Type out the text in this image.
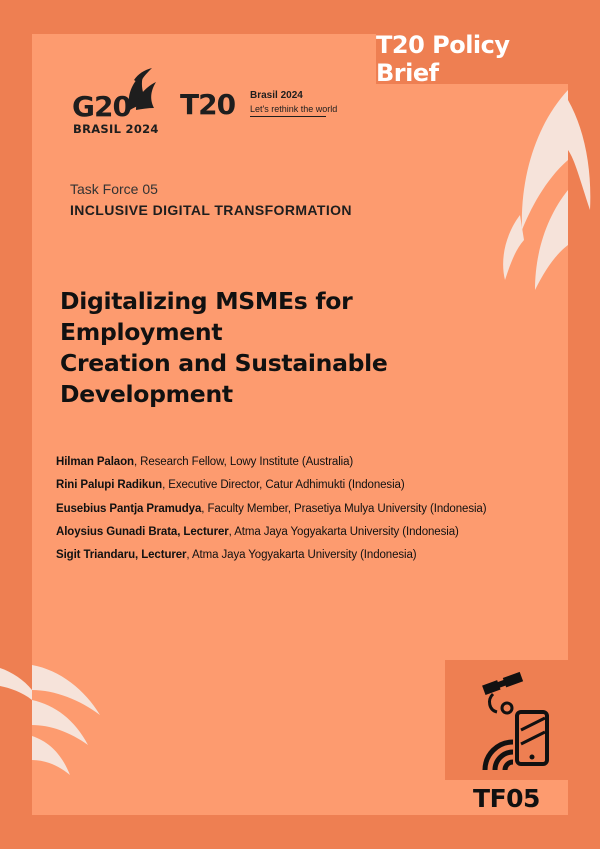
T20 Policy Brief
G20
BRASIL 2024
T20 Brasil 2024
Let's rethink the world
Task Force 05
INCLUSIVE DIGITAL TRANSFORMATION
Digitalizing MSMEs for Employment
Creation and Sustainable Development
Hilman Palaon, Research Fellow, Lowy Institute (Australia)
Rini Palupi Radikun, Executive Director, Catur Adhimukti (Indonesia)
Eusebius Pantja Pramudya, Faculty Member, Prasetiya Mulya University (Indonesia)
Aloysius Gunadi Brata, Lecturer, Atma Jaya Yogyakarta University (Indonesia)
Sigit Triandaru, Lecturer, Atma Jaya Yogyakarta University (Indonesia)
TF05
